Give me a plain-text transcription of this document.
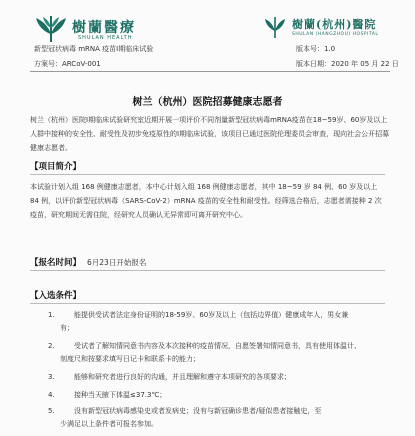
樹蘭醫療
SHULAN HEALTH
新型冠状病毒 mRNA 疫苗Ⅰ期临床试验
方案号：ARCoV-001
樹蘭(杭州)醫院
SHULAN (HANGZHOU) HOSPITAL
版本号：1.0
版本日期：2020 年 05 月 22 日
树兰（杭州）医院招募健康志愿者
树兰（杭州）医院Ⅰ期临床试验研究室近期开展一项评价不同剂量新型冠状病毒mRNA疫苗在18~59岁、60岁及以上人群中接种的安全性、耐受性及初步免疫原性的Ⅰ期临床试验，该项目已通过医院伦理委员会审查，现向社会公开招募健康志愿者。
【项目简介】
本试验计划入组 168 例健康志愿者，本中心计划入组 168 例健康志愿者，其中 18~59 岁 84 例、60 岁及以上 84 例，以评价新型冠状病毒（SARS-CoV-2）mRNA 疫苗的安全性和耐受性。经筛选合格后，志愿者需接种 2 次疫苗，研究期间无需住院，经研究人员确认无异常即可离开研究中心。
【报名时间】 6月23日开始报名
【入选条件】
1.	能提供受试者法定身份证明的18-59岁、60岁及以上（包括边界值）健康成年人，男女兼
有；
2.	受试者了解知情同意书内容及本次接种的疫苗情况，自愿签署知情同意书，具有使用体温计、
刻度尺和按要求填写日记卡和联系卡的能力；
3.	能够和研究者进行良好的沟通，并且理解和遵守本项研究的各项要求；
4.	接种当天腋下体温≤37.3℃；
5.	没有新型冠状病毒感染史或者发病史；没有与新冠确诊患者/疑似患者接触史，至
少满足以上条件者可报名参加。
